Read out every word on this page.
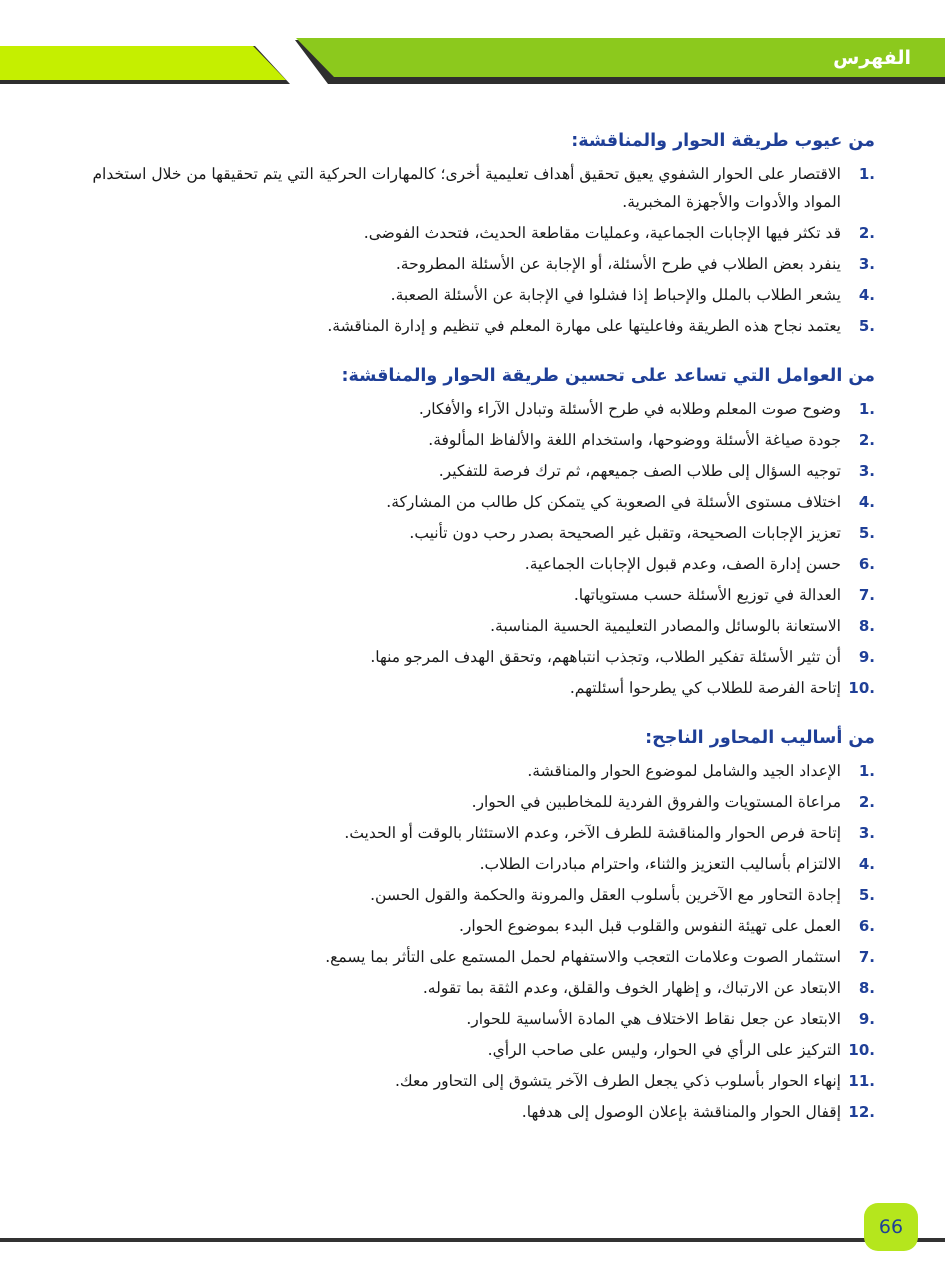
الفهرس
من عيوب طريقة الحوار والمناقشة:
1.
الاقتصار على الحوار الشفوي يعيق تحقيق أهداف تعليمية أخرى؛ كالمهارات الحركية التي يتم تحقيقها من خلال استخدام المواد والأدوات والأجهزة المخبرية.
2.
قد تكثر فيها الإجابات الجماعية، وعمليات مقاطعة الحديث، فتحدث الفوضى.
3.
ينفرد بعض الطلاب في طرح الأسئلة، أو الإجابة عن الأسئلة المطروحة.
4.
يشعر الطلاب بالملل والإحباط إذا فشلوا في الإجابة عن الأسئلة الصعبة.
5.
يعتمد نجاح هذه الطريقة وفاعليتها على مهارة المعلم في تنظيم و إدارة المناقشة.
من العوامل التي تساعد على تحسين طريقة الحوار والمناقشة:
1.
وضوح صوت المعلم وطلابه في طرح الأسئلة وتبادل الآراء والأفكار.
2.
جودة صياغة الأسئلة ووضوحها، واستخدام اللغة والألفاظ المألوفة.
3.
توجيه السؤال إلى طلاب الصف جميعهم، ثم ترك فرصة للتفكير.
4.
اختلاف مستوى الأسئلة في الصعوبة كي يتمكن كل طالب من المشاركة.
5.
تعزيز الإجابات الصحيحة، وتقبل غير الصحيحة بصدر رحب دون تأنيب.
6.
حسن إدارة الصف، وعدم قبول الإجابات الجماعية.
7.
العدالة في توزيع الأسئلة حسب مستوياتها.
8.
الاستعانة بالوسائل والمصادر التعليمية الحسية المناسبة.
9.
أن تثير الأسئلة تفكير الطلاب، وتجذب انتباههم، وتحقق الهدف المرجو منها.
10.
إتاحة الفرصة للطلاب كي يطرحوا أسئلتهم.
من أساليب المحاور الناجح:
1.
الإعداد الجيد والشامل لموضوع الحوار والمناقشة.
2.
مراعاة المستويات والفروق الفردية للمخاطبين في الحوار.
3.
إتاحة فرص الحوار والمناقشة للطرف الآخر، وعدم الاستئثار بالوقت أو الحديث.
4.
الالتزام بأساليب التعزيز والثناء، واحترام مبادرات الطلاب.
5.
إجادة التحاور مع الآخرين بأسلوب العقل والمرونة والحكمة والقول الحسن.
6.
العمل على تهيئة النفوس والقلوب قبل البدء بموضوع الحوار.
7.
استثمار الصوت وعلامات التعجب والاستفهام لحمل المستمع على التأثر بما يسمع.
8.
الابتعاد عن الارتباك، و إظهار الخوف والقلق، وعدم الثقة بما تقوله.
9.
الابتعاد عن جعل نقاط الاختلاف هي المادة الأساسية للحوار.
10.
التركيز على الرأي في الحوار، وليس على صاحب الرأي.
11.
إنهاء الحوار بأسلوب ذكي يجعل الطرف الآخر يتشوق إلى التحاور معك.
12.
إقفال الحوار والمناقشة بإعلان الوصول إلى هدفها.
66
